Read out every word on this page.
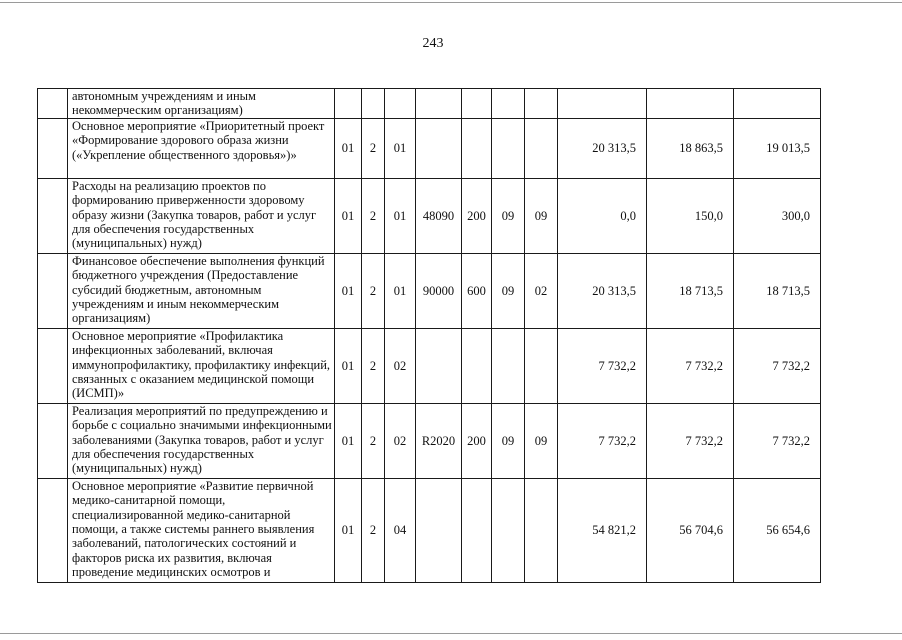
243
	автономным учреждениям и иным некоммерческим организациям)										
	Основное мероприятие «Приоритетный проект «Формирование здорового образа жизни («Укрепление общественного здоровья»)»	01	2	01					20 313,5	18 863,5	19 013,5
	Расходы на реализацию проектов по формированию приверженности здоровому образу жизни (Закупка товаров, работ и услуг для обеспечения государственных (муниципальных) нужд)	01	2	01	48090	200	09	09	0,0	150,0	300,0
	Финансовое обеспечение выполнения функций бюджетного учреждения (Предоставление субсидий бюджетным, автономным учреждениям и иным некоммерческим организациям)	01	2	01	90000	600	09	02	20 313,5	18 713,5	18 713,5
	Основное мероприятие «Профилактика инфекционных заболеваний, включая иммунопрофилактику, профилактику инфекций, связанных с оказанием медицинской помощи (ИСМП)»	01	2	02					7 732,2	7 732,2	7 732,2
	Реализация мероприятий по предупреждению и борьбе с социально значимыми инфекционными заболеваниями (Закупка товаров, работ и услуг для обеспечения государственных (муниципальных) нужд)	01	2	02	R2020	200	09	09	7 732,2	7 732,2	7 732,2
	Основное мероприятие «Развитие первичной медико-санитарной помощи, специализированной медико-санитарной помощи, а также системы раннего выявления заболеваний, патологических состояний и факторов риска их развития, включая проведение медицинских осмотров и	01	2	04					54 821,2	56 704,6	56 654,6
